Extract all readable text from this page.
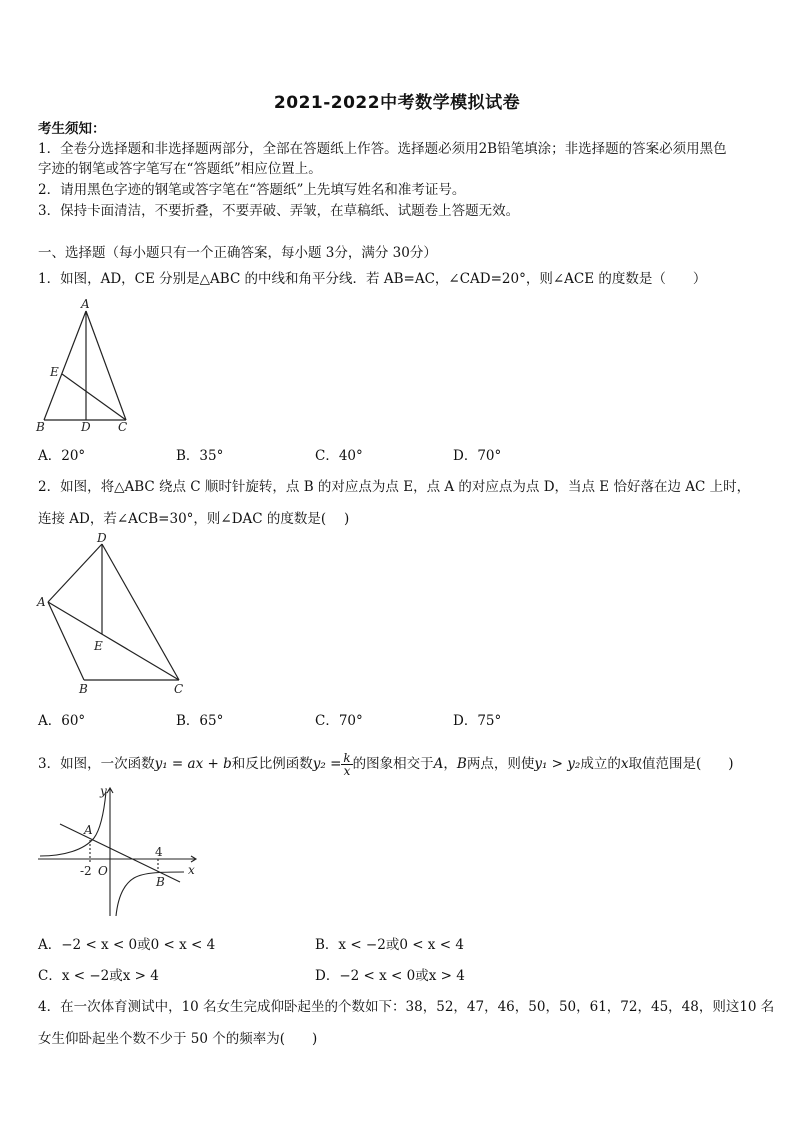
2021-2022中考数学模拟试卷
考生须知：
1．全卷分选择题和非选择题两部分，全部在答题纸上作答。选择题必须用2B铅笔填涂；非选择题的答案必须用黑色
字迹的钢笔或答字笔写在“答题纸”相应位置上。
2．请用黑色字迹的钢笔或答字笔在“答题纸”上先填写姓名和准考证号。
3．保持卡面清洁，不要折叠，不要弄破、弄皱，在草稿纸、试题卷上答题无效。
一、选择题（每小题只有一个正确答案，每小题 3分，满分 30分）
1．如图，AD，CE 分别是△ABC 的中线和角平分线．若 AB=AC，∠CAD=20°，则∠ACE 的度数是（　　）
A
E
B	D C
A．20°	B．35°	C．40°	D．70°
2．如图，将△ABC 绕点 C 顺时针旋转，点 B 的对应点为点 E，点 A 的对应点为点 D，当点 E 恰好落在边 AC 上时，
连接 AD，若∠ACB=30°，则∠DAC 的度数是(　 )
D
A
E
B	C
A．60°	B．65°	C．70°	D．75°
3．如图，一次函数y₁ = ax + b和反比例函数$y_2 = \frac{k}{x}$ 的图象相交于A，B两点，则使y₁ > y₂成立的x取值范围是(　　)
y
x
O
A
B
-2
4
A．−2 < x < 0或0 < x < 4	B．x < −2或0 < x < 4
C．x < −2或x > 4	D．−2 < x < 0或x > 4
4．在一次体育测试中，10 名女生完成仰卧起坐的个数如下：38，52，47，46，50，50，61，72，45，48，则这10 名
女生仰卧起坐个数不少于 50 个的频率为(　　)
